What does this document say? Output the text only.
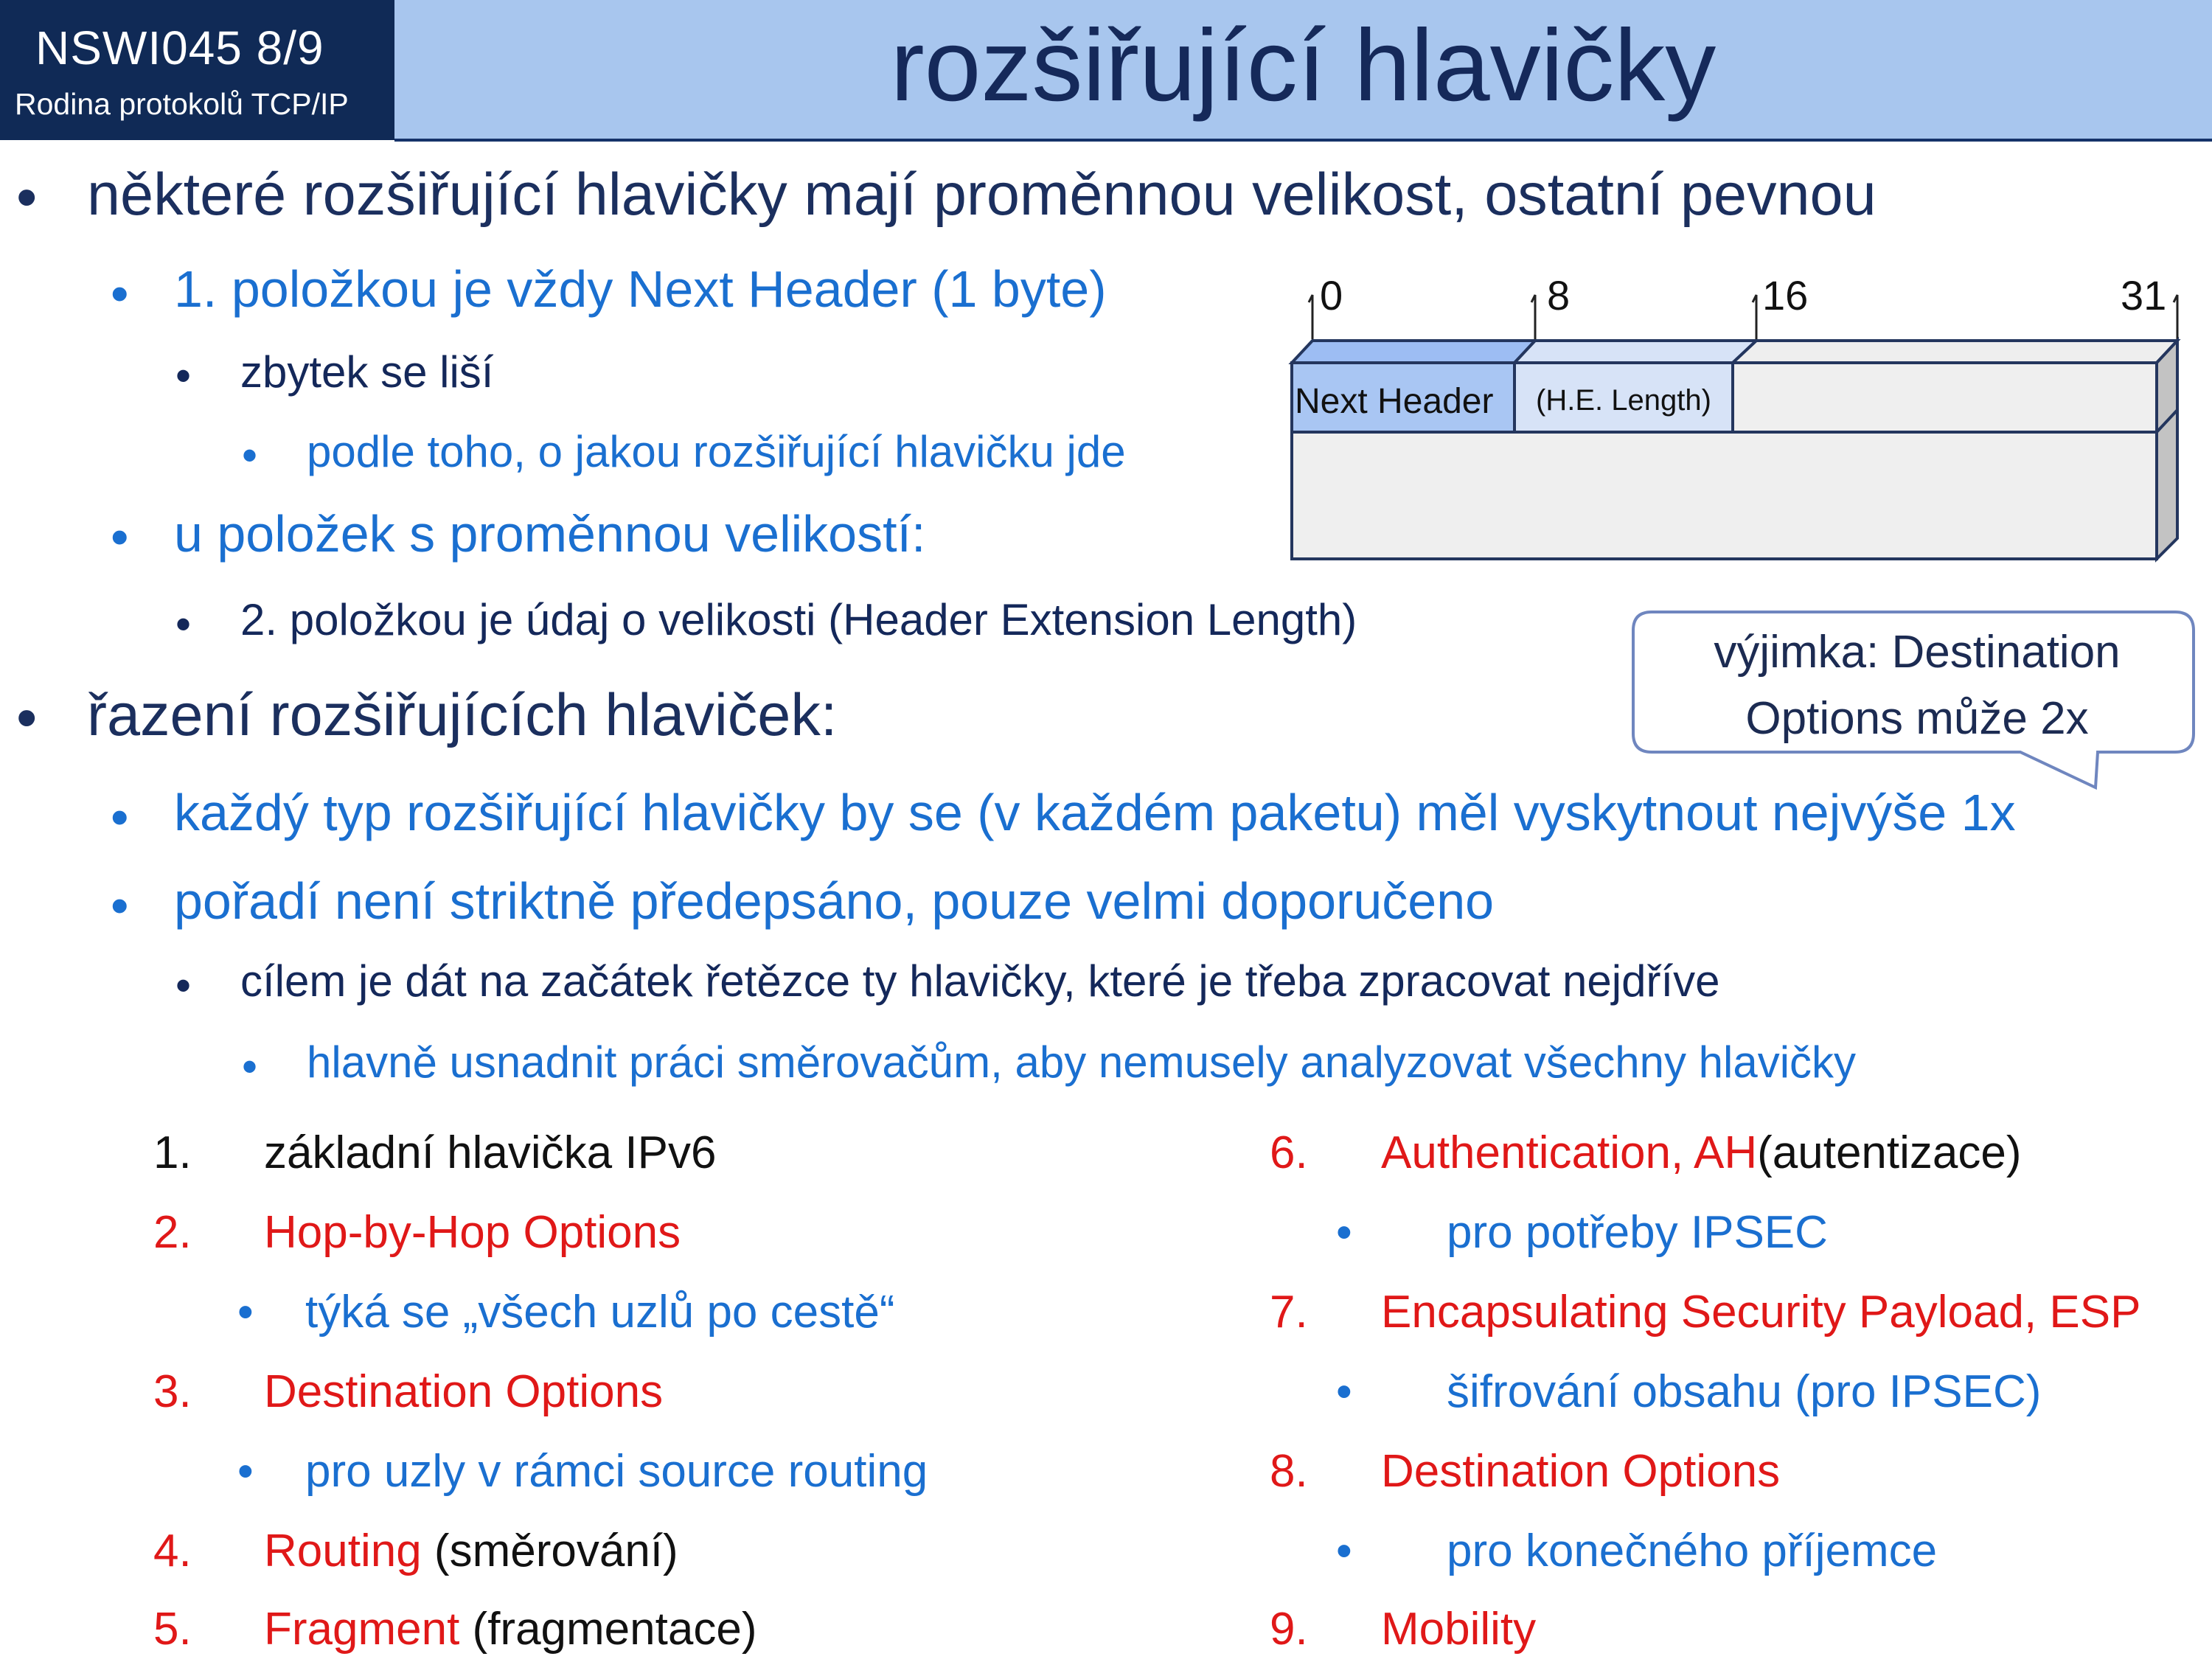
NSWI045 8/9
Rodina protokolů TCP/IP	rozšiřující hlavičky
• některé rozšiřující hlavičky mají proměnnou velikost, ostatní pevnou
• 1. položkou je vždy Next Header (1 byte)
• zbytek se liší
• podle toho, o jakou rozšiřující hlavičku jde
• u položek s proměnnou velikostí:
• 2. položkou je údaj o velikosti (Header Extension Length)
• řazení rozšiřujících hlaviček:
• každý typ rozšiřující hlavičky by se (v každém paketu) měl vyskytnout nejvýše 1x
• pořadí není striktně předepsáno, pouze velmi doporučeno
• cílem je dát na začátek řetězce ty hlavičky, které je třeba zpracovat nejdříve
• hlavně usnadnit práci směrovačům, aby nemusely analyzovat všechny hlavičky
0	8	16	31
Next Header (H.E. Length)
výjimka: Destination Options může 2x
1. základní hlavička IPv6
2. Hop-by-Hop Options
• týká se „všech uzlů po cestě“
3. Destination Options
• pro uzly v rámci source routing
4. Routing (směrování)
5. Fragment (fragmentace)
6. Authentication, AH(autentizace)
• pro potřeby IPSEC
7. Encapsulating Security Payload, ESP
• šifrování obsahu (pro IPSEC)
8. Destination Options
• pro konečného příjemce
9. Mobility
